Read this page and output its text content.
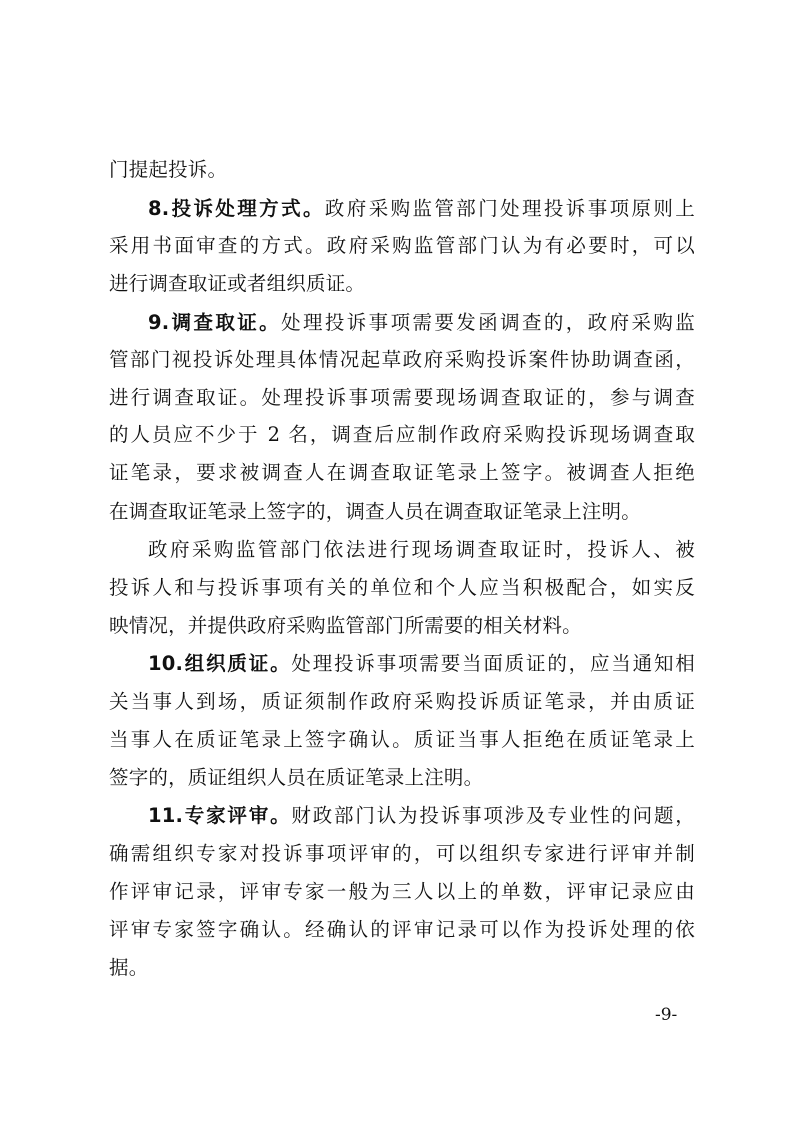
门提起投诉。
8.投诉处理方式。政府采购监管部门处理投诉事项原则上
采用书面审查的方式。政府采购监管部门认为有必要时，可以
进行调查取证或者组织质证。
9.调查取证。处理投诉事项需要发函调查的，政府采购监
管部门视投诉处理具体情况起草政府采购投诉案件协助调查函，
进行调查取证。处理投诉事项需要现场调查取证的，参与调查
的人员应不少于 2 名，调查后应制作政府采购投诉现场调查取
证笔录，要求被调查人在调查取证笔录上签字。被调查人拒绝
在调查取证笔录上签字的，调查人员在调查取证笔录上注明。
政府采购监管部门依法进行现场调查取证时，投诉人、被
投诉人和与投诉事项有关的单位和个人应当积极配合，如实反
映情况，并提供政府采购监管部门所需要的相关材料。
10.组织质证。处理投诉事项需要当面质证的，应当通知相
关当事人到场，质证须制作政府采购投诉质证笔录，并由质证
当事人在质证笔录上签字确认。质证当事人拒绝在质证笔录上
签字的，质证组织人员在质证笔录上注明。
11.专家评审。财政部门认为投诉事项涉及专业性的问题，
确需组织专家对投诉事项评审的，可以组织专家进行评审并制
作评审记录，评审专家一般为三人以上的单数，评审记录应由
评审专家签字确认。经确认的评审记录可以作为投诉处理的依
据。
-9-
